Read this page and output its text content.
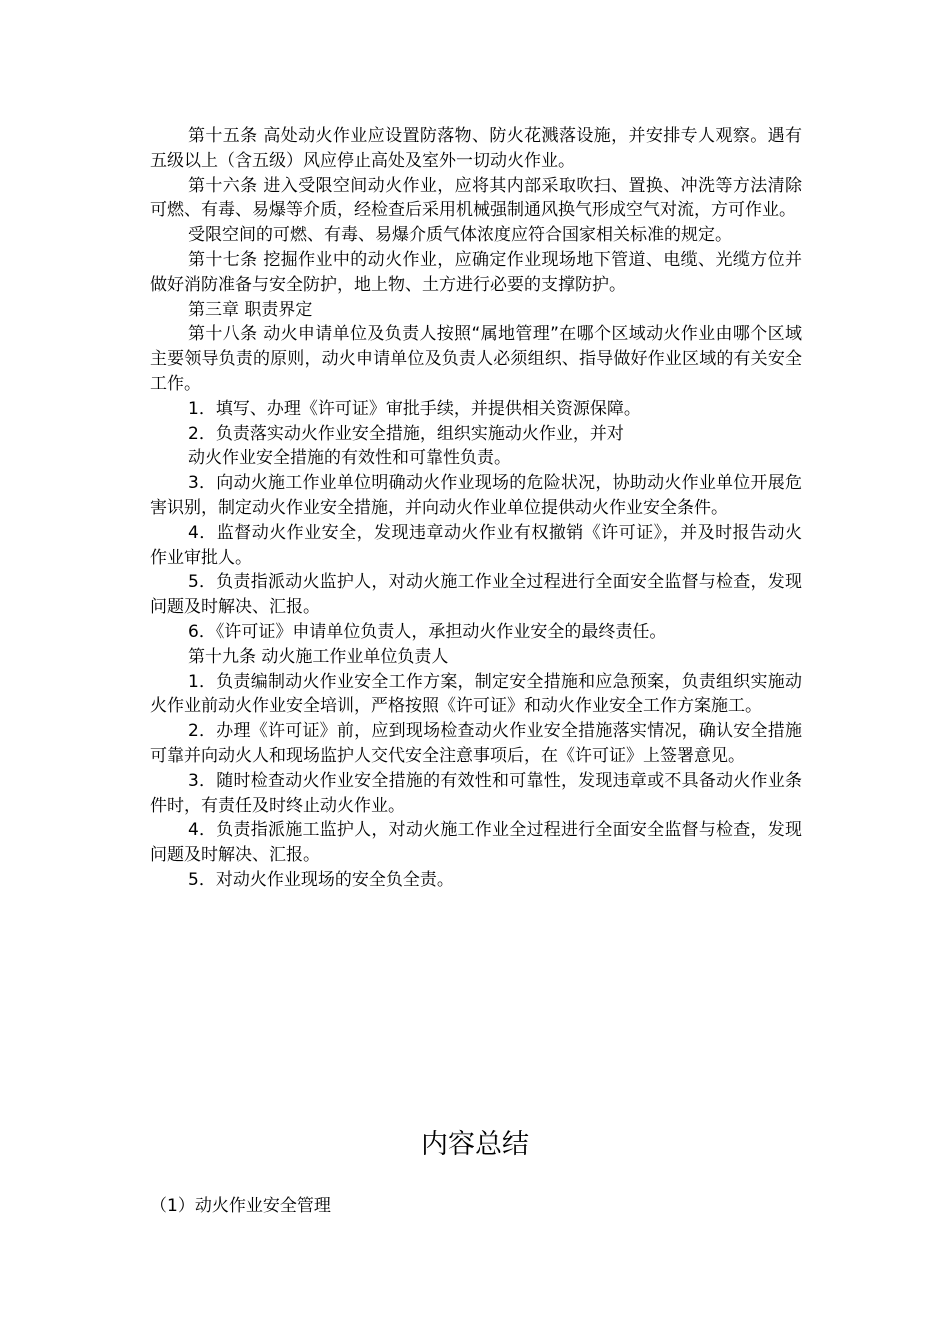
第十五条 高处动火作业应设置防落物、防火花溅落设施，并安排专人观察。遇有五级以上（含五级）风应停止高处及室外一切动火作业。

第十六条 进入受限空间动火作业，应将其内部采取吹扫、置换、冲洗等方法清除可燃、有毒、易爆等介质，经检查后采用机械强制通风换气形成空气对流，方可作业。

受限空间的可燃、有毒、易爆介质气体浓度应符合国家相关标准的规定。

第十七条 挖掘作业中的动火作业，应确定作业现场地下管道、电缆、光缆方位并做好消防准备与安全防护，地上物、土方进行必要的支撑防护。

第三章 职责界定

第十八条 动火申请单位及负责人按照“属地管理”在哪个区域动火作业由哪个区域主要领导负责的原则，动火申请单位及负责人必须组织、指导做好作业区域的有关安全工作。

1．填写、办理《许可证》审批手续，并提供相关资源保障。

2．负责落实动火作业安全措施，组织实施动火作业，并对

动火作业安全措施的有效性和可靠性负责。

3．向动火施工作业单位明确动火作业现场的危险状况，协助动火作业单位开展危害识别，制定动火作业安全措施，并向动火作业单位提供动火作业安全条件。

4．监督动火作业安全，发现违章动火作业有权撤销《许可证》，并及时报告动火作业审批人。

5．负责指派动火监护人，对动火施工作业全过程进行全面安全监督与检查，发现问题及时解决、汇报。

6．《许可证》申请单位负责人，承担动火作业安全的最终责任。

第十九条 动火施工作业单位负责人

1．负责编制动火作业安全工作方案，制定安全措施和应急预案，负责组织实施动火作业前动火作业安全培训，严格按照《许可证》和动火作业安全工作方案施工。

2．办理《许可证》前，应到现场检查动火作业安全措施落实情况，确认安全措施可靠并向动火人和现场监护人交代安全注意事项后，在《许可证》上签署意见。

3．随时检查动火作业安全措施的有效性和可靠性，发现违章或不具备动火作业条件时，有责任及时终止动火作业。

4．负责指派施工监护人，对动火施工作业全过程进行全面安全监督与检查，发现问题及时解决、汇报。

5．对动火作业现场的安全负全责。

内容总结
（1）动火作业安全管理
